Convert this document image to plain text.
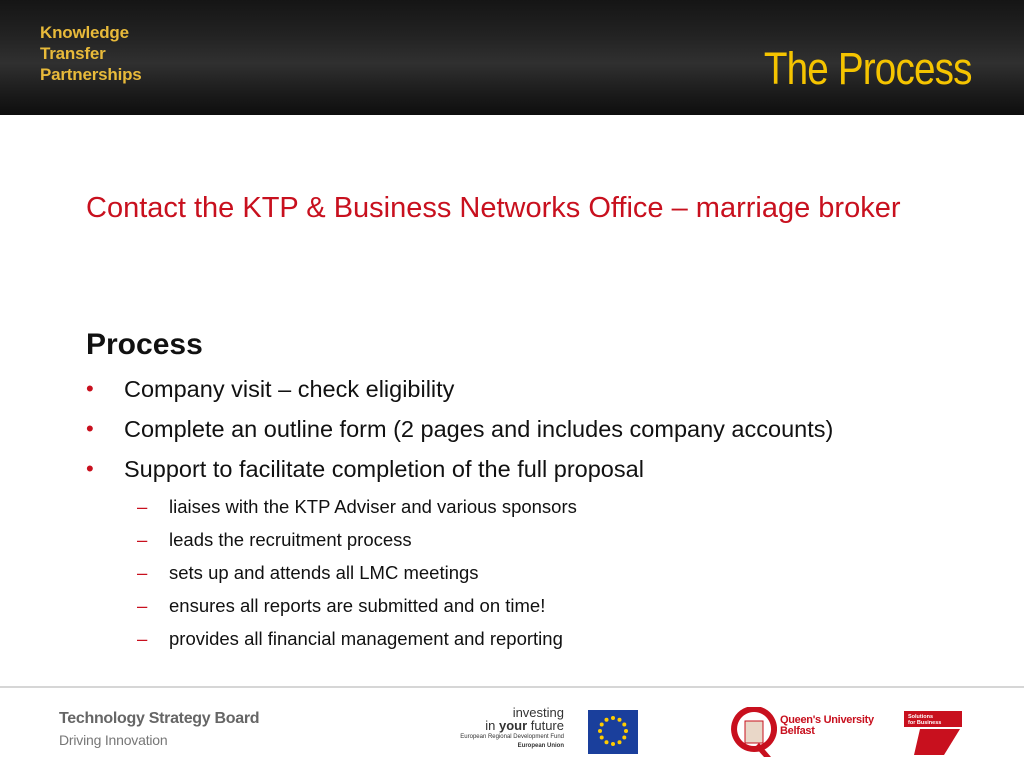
Knowledge
Transfer
Partnerships	The Process
Contact the KTP & Business Networks Office – marriage broker
Process
• Company visit – check eligibility
• Complete an outline form (2 pages and includes company accounts)
• Support to facilitate completion of the full proposal
– liaises with the KTP Adviser and various sponsors
– leads the recruitment process
– sets up and attends all LMC meetings
– ensures all reports are submitted and on time!
– provides all financial management and reporting
Technology Strategy Board
Driving Innovation
investing
in your future
European Regional Development Fund
European Union
Queen's University
Belfast
Solutions
for Business
